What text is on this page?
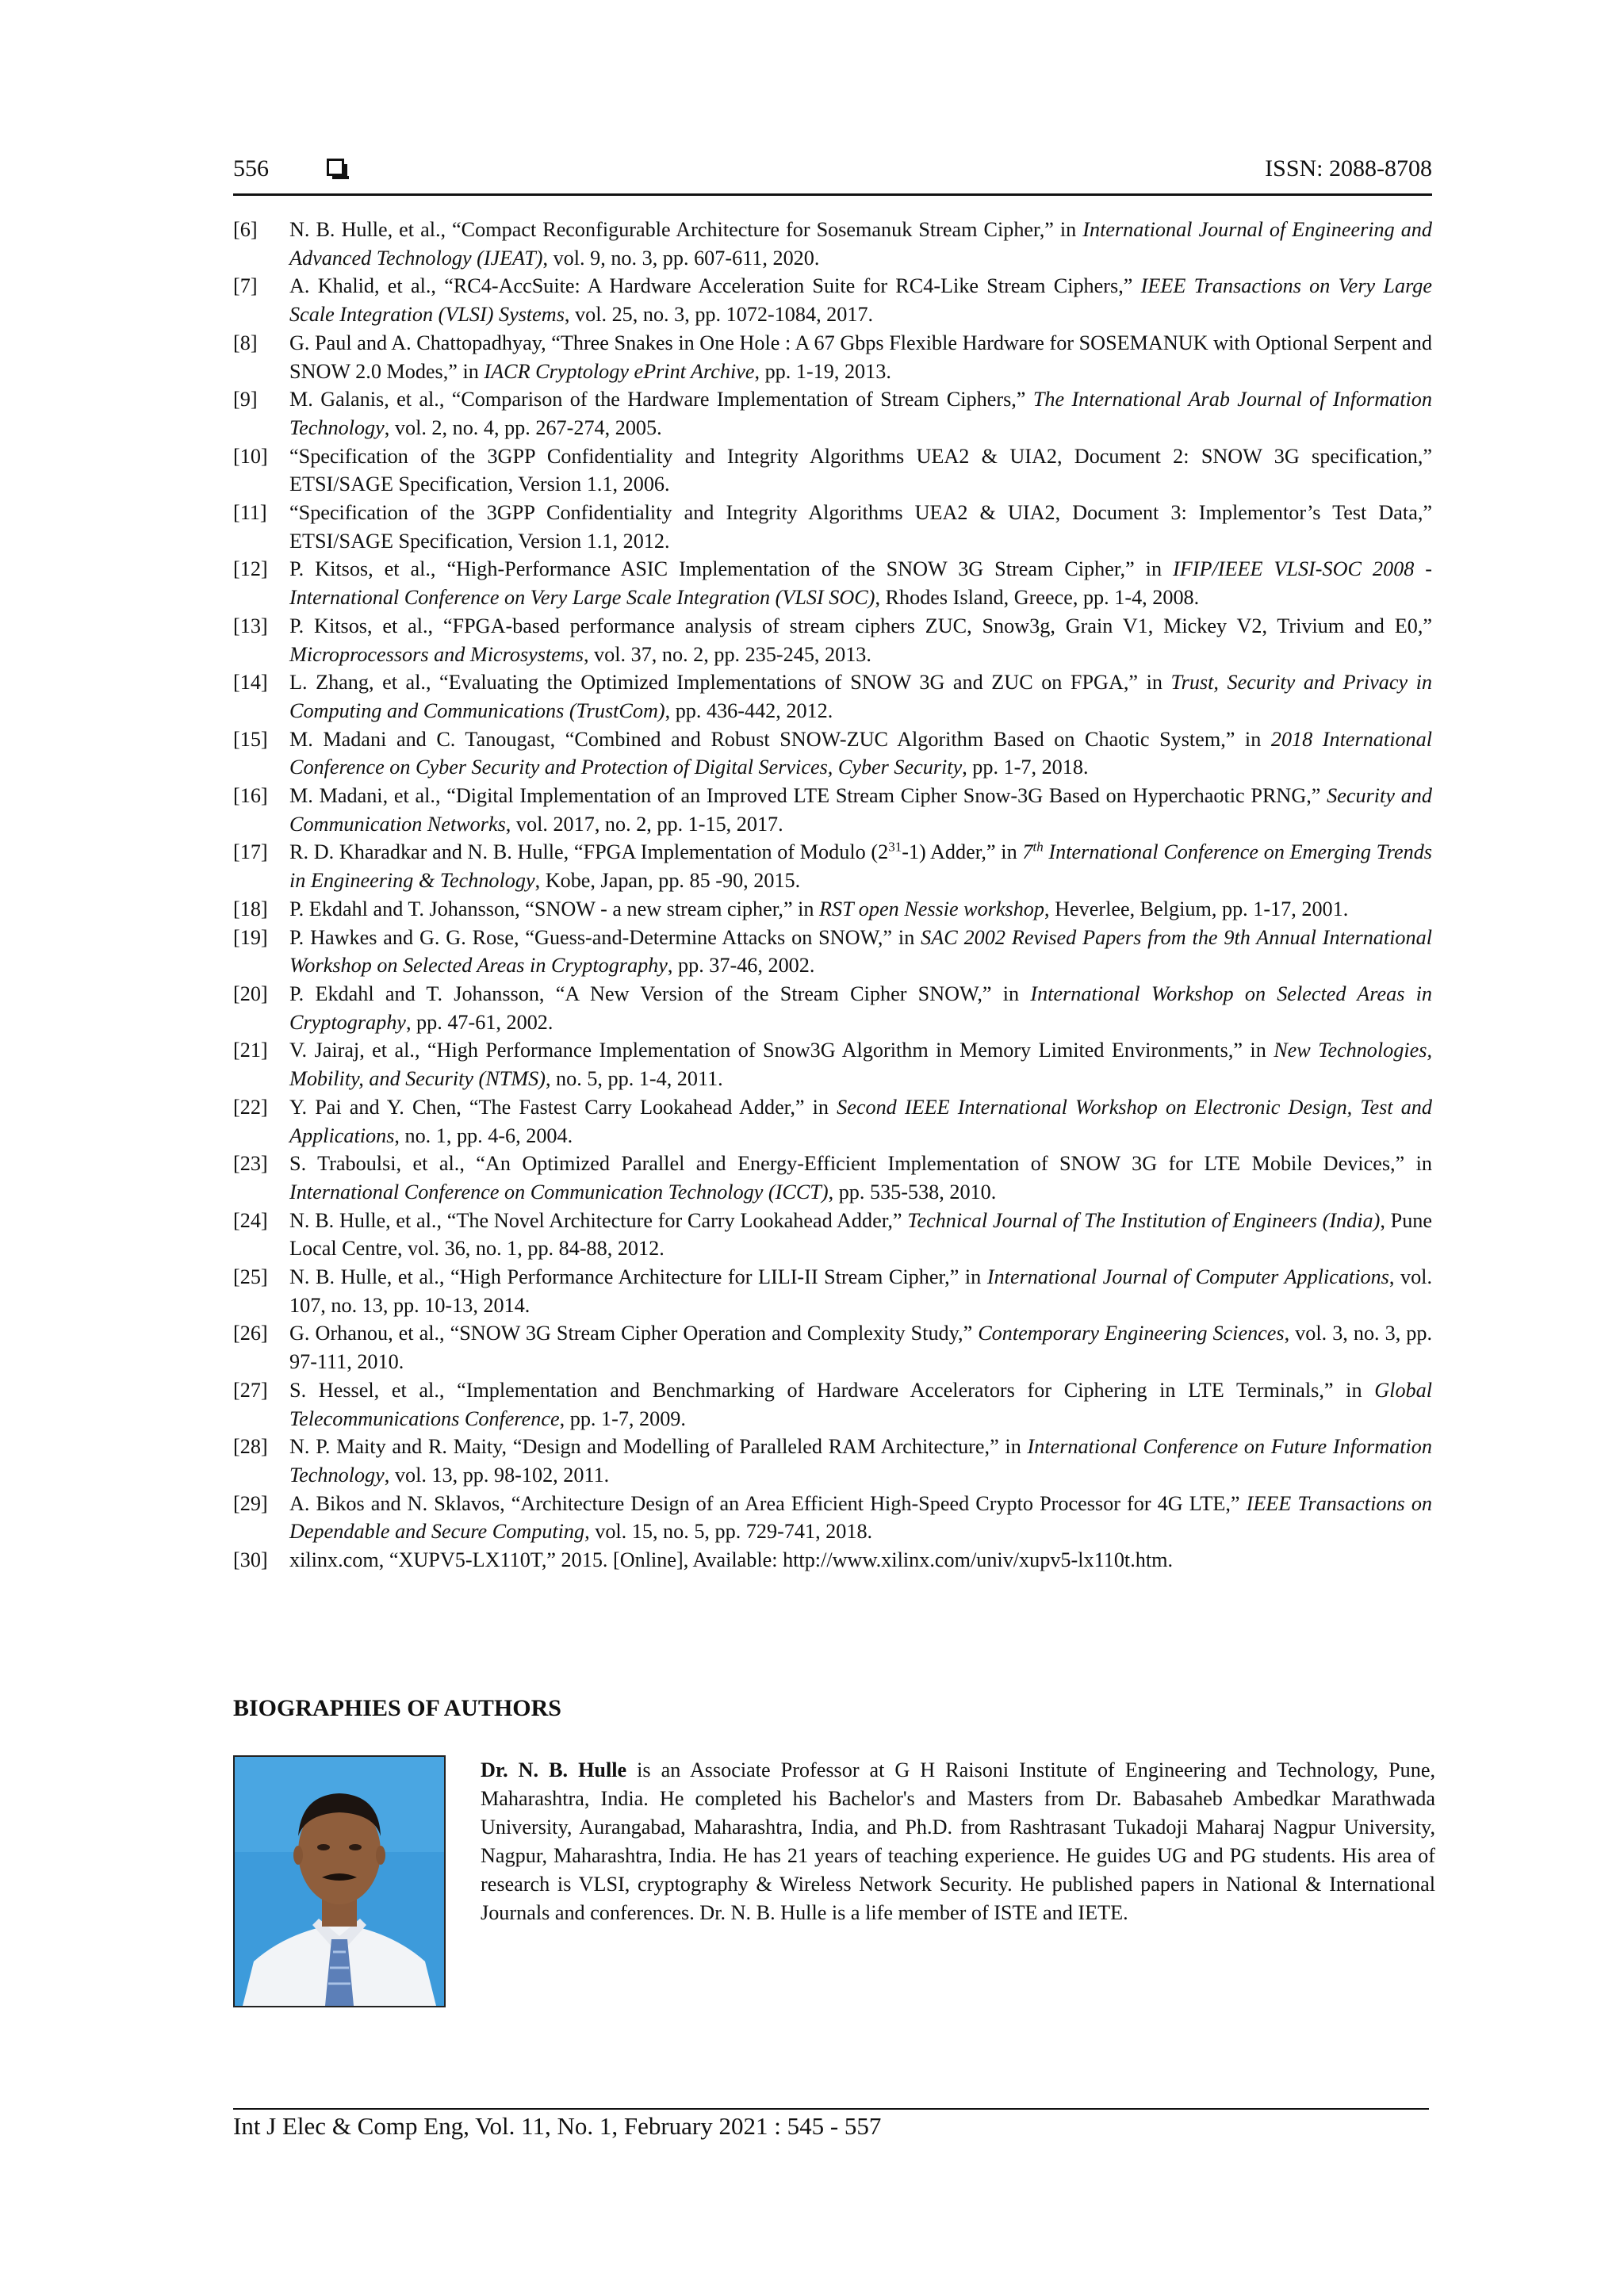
556	ISSN: 2088-8708
[6] N. B. Hulle, et al., “Compact Reconfigurable Architecture for Sosemanuk Stream Cipher,” in International Journal of Engineering and Advanced Technology (IJEAT), vol. 9, no. 3, pp. 607-611, 2020.
[7] A. Khalid, et al., “RC4-AccSuite: A Hardware Acceleration Suite for RC4-Like Stream Ciphers,” IEEE Transactions on Very Large Scale Integration (VLSI) Systems, vol. 25, no. 3, pp. 1072-1084, 2017.
[8] G. Paul and A. Chattopadhyay, “Three Snakes in One Hole : A 67 Gbps Flexible Hardware for SOSEMANUK with Optional Serpent and SNOW 2.0 Modes,” in IACR Cryptology ePrint Archive, pp. 1-19, 2013.
[9] M. Galanis, et al., “Comparison of the Hardware Implementation of Stream Ciphers,” The International Arab Journal of Information Technology, vol. 2, no. 4, pp. 267-274, 2005.
[10] “Specification of the 3GPP Confidentiality and Integrity Algorithms UEA2 & UIA2, Document 2: SNOW 3G specification,” ETSI/SAGE Specification, Version 1.1, 2006.
[11] “Specification of the 3GPP Confidentiality and Integrity Algorithms UEA2 & UIA2, Document 3: Implementor’s Test Data,” ETSI/SAGE Specification, Version 1.1, 2012.
[12] P. Kitsos, et al., “High-Performance ASIC Implementation of the SNOW 3G Stream Cipher,” in IFIP/IEEE VLSI-SOC 2008 - International Conference on Very Large Scale Integration (VLSI SOC), Rhodes Island, Greece, pp. 1-4, 2008.
[13] P. Kitsos, et al., “FPGA-based performance analysis of stream ciphers ZUC, Snow3g, Grain V1, Mickey V2, Trivium and E0,” Microprocessors and Microsystems, vol. 37, no. 2, pp. 235-245, 2013.
[14] L. Zhang, et al., “Evaluating the Optimized Implementations of SNOW 3G and ZUC on FPGA,” in Trust, Security and Privacy in Computing and Communications (TrustCom), pp. 436-442, 2012.
[15] M. Madani and C. Tanougast, “Combined and Robust SNOW-ZUC Algorithm Based on Chaotic System,” in 2018 International Conference on Cyber Security and Protection of Digital Services, Cyber Security, pp. 1-7, 2018.
[16] M. Madani, et al., “Digital Implementation of an Improved LTE Stream Cipher Snow-3G Based on Hyperchaotic PRNG,” Security and Communication Networks, vol. 2017, no. 2, pp. 1-15, 2017.
[17] R. D. Kharadkar and N. B. Hulle, “FPGA Implementation of Modulo $(2^{31}-1)$ Adder,” in 7th International Conference on Emerging Trends in Engineering & Technology, Kobe, Japan, pp. 85 -90, 2015.
[18] P. Ekdahl and T. Johansson, “SNOW - a new stream cipher,” in RST open Nessie workshop, Heverlee, Belgium, pp. 1-17, 2001.
[19] P. Hawkes and G. G. Rose, “Guess-and-Determine Attacks on SNOW,” in SAC 2002 Revised Papers from the 9th Annual International Workshop on Selected Areas in Cryptography, pp. 37-46, 2002.
[20] P. Ekdahl and T. Johansson, “A New Version of the Stream Cipher SNOW,” in International Workshop on Selected Areas in Cryptography, pp. 47-61, 2002.
[21] V. Jairaj, et al., “High Performance Implementation of Snow3G Algorithm in Memory Limited Environments,” in New Technologies, Mobility, and Security (NTMS), no. 5, pp. 1-4, 2011.
[22] Y. Pai and Y. Chen, “The Fastest Carry Lookahead Adder,” in Second IEEE International Workshop on Electronic Design, Test and Applications, no. 1, pp. 4-6, 2004.
[23] S. Traboulsi, et al., “An Optimized Parallel and Energy-Efficient Implementation of SNOW 3G for LTE Mobile Devices,” in International Conference on Communication Technology (ICCT), pp. 535-538, 2010.
[24] N. B. Hulle, et al., “The Novel Architecture for Carry Lookahead Adder,” Technical Journal of The Institution of Engineers (India), Pune Local Centre, vol. 36, no. 1, pp. 84-88, 2012.
[25] N. B. Hulle, et al., “High Performance Architecture for LILI-II Stream Cipher,” in International Journal of Computer Applications, vol. 107, no. 13, pp. 10-13, 2014.
[26] G. Orhanou, et al., “SNOW 3G Stream Cipher Operation and Complexity Study,” Contemporary Engineering Sciences, vol. 3, no. 3, pp. 97-111, 2010.
[27] S. Hessel, et al., “Implementation and Benchmarking of Hardware Accelerators for Ciphering in LTE Terminals,” in Global Telecommunications Conference, pp. 1-7, 2009.
[28] N. P. Maity and R. Maity, “Design and Modelling of Paralleled RAM Architecture,” in International Conference on Future Information Technology, vol. 13, pp. 98-102, 2011.
[29] A. Bikos and N. Sklavos, “Architecture Design of an Area Efficient High-Speed Crypto Processor for 4G LTE,” IEEE Transactions on Dependable and Secure Computing, vol. 15, no. 5, pp. 729-741, 2018.
[30] xilinx.com, “XUPV5-LX110T,” 2015. [Online], Available: http://www.xilinx.com/univ/xupv5-lx110t.htm.
BIOGRAPHIES OF AUTHORS
Dr. N. B. Hulle is an Associate Professor at G H Raisoni Institute of Engineering and Technology, Pune, Maharashtra, India. He completed his Bachelor's and Masters from Dr. Babasaheb Ambedkar Marathwada University, Aurangabad, Maharashtra, India, and Ph.D. from Rashtrasant Tukadoji Maharaj Nagpur University, Nagpur, Maharashtra, India. He has 21 years of teaching experience. He guides UG and PG students. His area of research is VLSI, cryptography & Wireless Network Security. He published papers in National & International Journals and conferences. Dr. N. B. Hulle is a life member of ISTE and IETE.
Int J Elec & Comp Eng, Vol. 11, No. 1, February 2021 : 545 - 557
